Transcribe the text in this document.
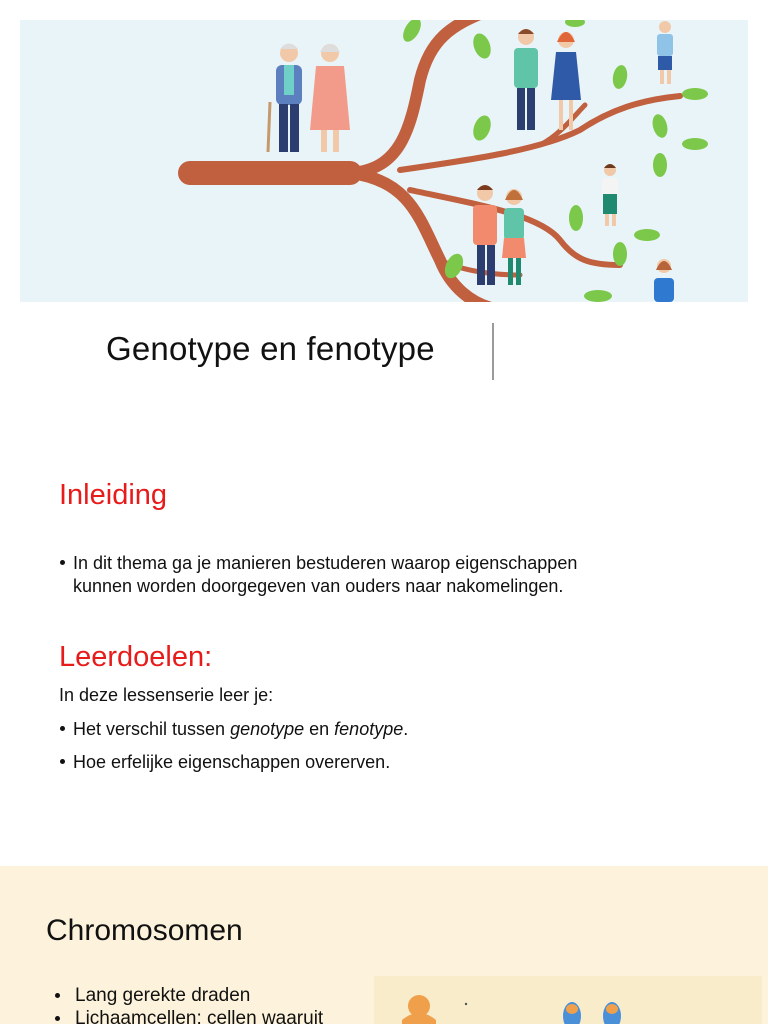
Genotype en fenotype
Inleiding
In dit thema ga je manieren bestuderen waarop eigenschappen
kunnen worden doorgegeven van ouders naar nakomelingen.
Leerdoelen:
In deze lessenserie leer je:
Het verschil tussen genotype en fenotype.
Hoe erfelijke eigenschappen overerven.
Chromosomen
Lang gerekte draden
Lichaamcellen: cellen waaruit
